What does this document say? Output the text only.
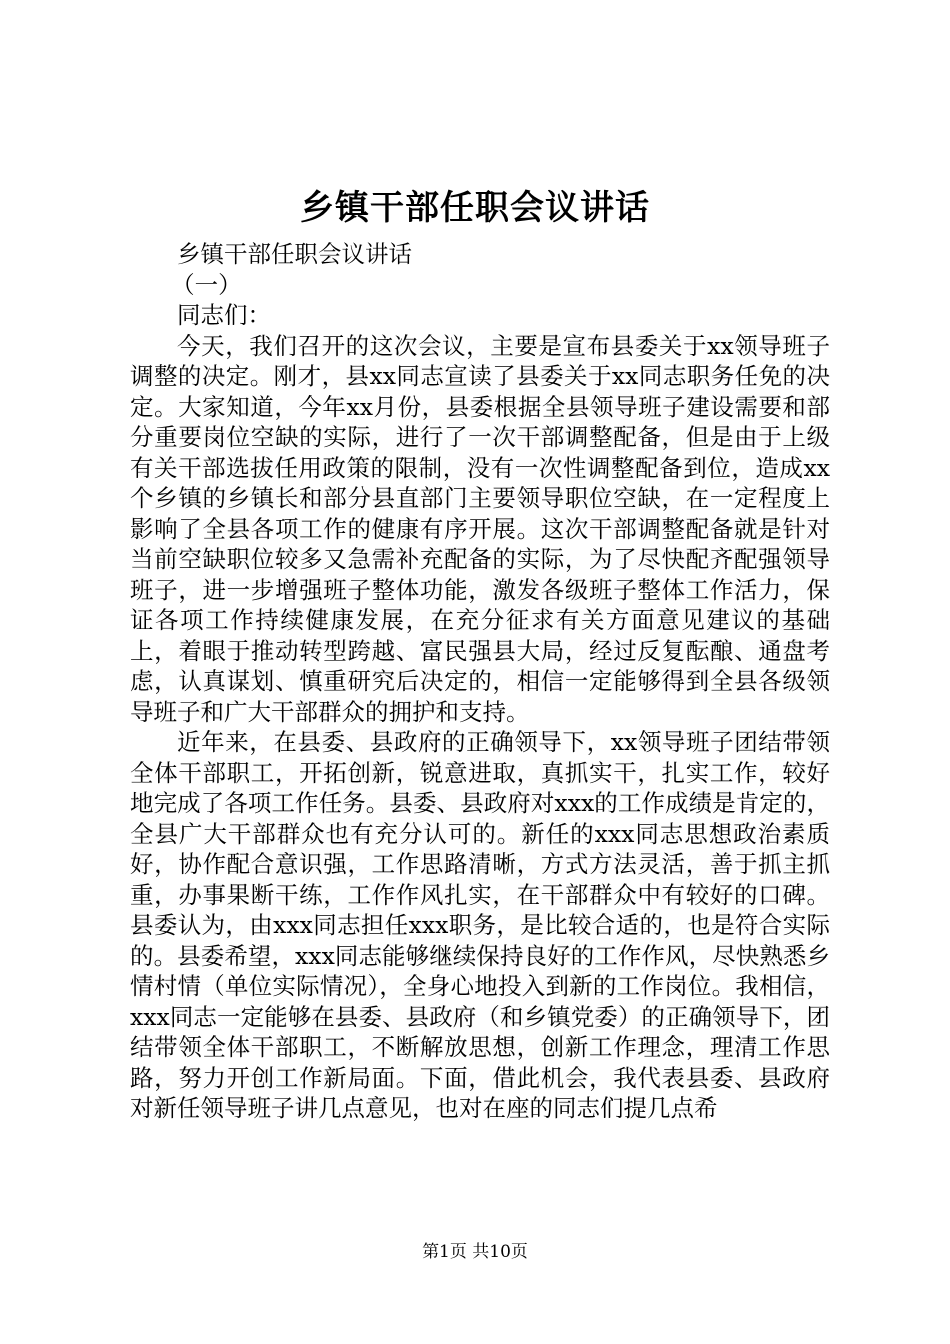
乡镇干部任职会议讲话

乡镇干部任职会议讲话

（一）

同志们：

今天，我们召开的这次会议，主要是宣布县委关于xx领导班子调整的决定。刚才，县xx同志宣读了县委关于xx同志职务任免的决定。大家知道，今年xx月份，县委根据全县领导班子建设需要和部分重要岗位空缺的实际，进行了一次干部调整配备，但是由于上级有关干部选拔任用政策的限制，没有一次性调整配备到位，造成xx个乡镇的乡镇长和部分县直部门主要领导职位空缺，在一定程度上影响了全县各项工作的健康有序开展。这次干部调整配备就是针对当前空缺职位较多又急需补充配备的实际，为了尽快配齐配强领导班子，进一步增强班子整体功能，激发各级班子整体工作活力，保证各项工作持续健康发展，在充分征求有关方面意见建议的基础上，着眼于推动转型跨越、富民强县大局，经过反复酝酿、通盘考虑，认真谋划、慎重研究后决定的，相信一定能够得到全县各级领导班子和广大干部群众的拥护和支持。

近年来，在县委、县政府的正确领导下，xx领导班子团结带领全体干部职工，开拓创新，锐意进取，真抓实干，扎实工作，较好地完成了各项工作任务。县委、县政府对xxx的工作成绩是肯定的，全县广大干部群众也有充分认可的。新任的xxx同志思想政治素质好，协作配合意识强，工作思路清晰，方式方法灵活，善于抓主抓重，办事果断干练，工作作风扎实，在干部群众中有较好的口碑。县委认为，由xxx同志担任xxx职务，是比较合适的，也是符合实际的。县委希望，xxx同志能够继续保持良好的工作作风，尽快熟悉乡情村情（单位实际情况），全身心地投入到新的工作岗位。我相信，xxx同志一定能够在县委、县政府（和乡镇党委）的正确领导下，团结带领全体干部职工，不断解放思想，创新工作理念，理清工作思路，努力开创工作新局面。下面，借此机会，我代表县委、县政府对新任领导班子讲几点意见，也对在座的同志们提几点希

第1页 共10页
